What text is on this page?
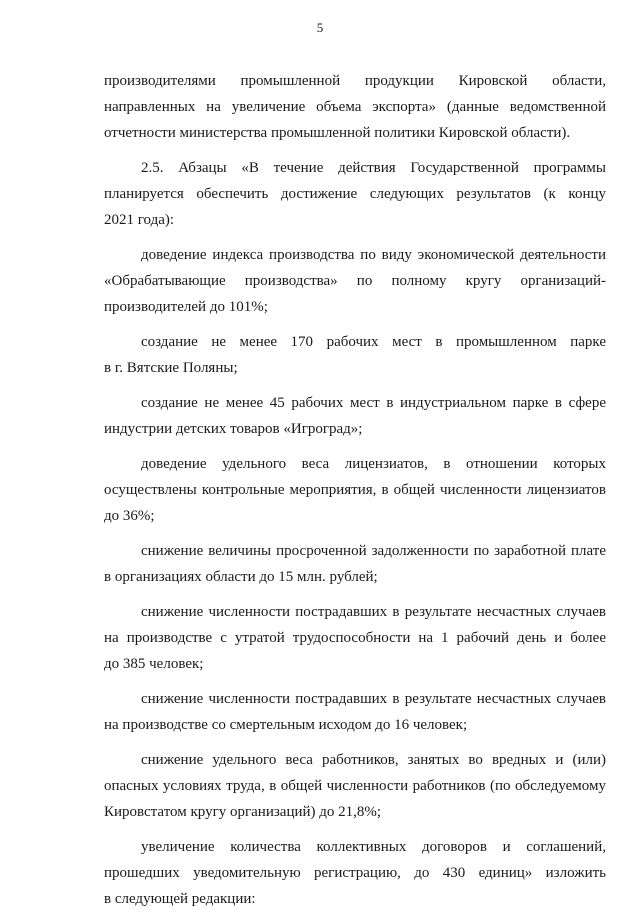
5

производителями промышленной продукции Кировской области,
направленных на увеличение объема экспорта» (данные ведомственной
отчетности министерства промышленной политики Кировской области).

2.5. Абзацы «В течение действия Государственной программы
планируется обеспечить достижение следующих результатов (к концу
2021 года):

доведение индекса производства по виду экономической деятельности
«Обрабатывающие производства» по полному кругу организаций-
производителей до 101%;

создание не менее 170 рабочих мест в промышленном парке
в г. Вятские Поляны;

создание не менее 45 рабочих мест в индустриальном парке в сфере
индустрии детских товаров «Игроград»;

доведение удельного веса лицензиатов, в отношении которых
осуществлены контрольные мероприятия, в общей численности лицензиатов
до 36%;

снижение величины просроченной задолженности по заработной плате
в организациях области до 15 млн. рублей;

снижение численности пострадавших в результате несчастных случаев
на производстве с утратой трудоспособности на 1 рабочий день и более
до 385 человек;

снижение численности пострадавших в результате несчастных случаев
на производстве со смертельным исходом до 16 человек;

снижение удельного веса работников, занятых во вредных и (или)
опасных условиях труда, в общей численности работников (по обследуемому
Кировстатом кругу организаций) до 21,8%;

увеличение количества коллективных договоров и соглашений,
прошедших уведомительную регистрацию, до 430 единиц» изложить
в следующей редакции:
